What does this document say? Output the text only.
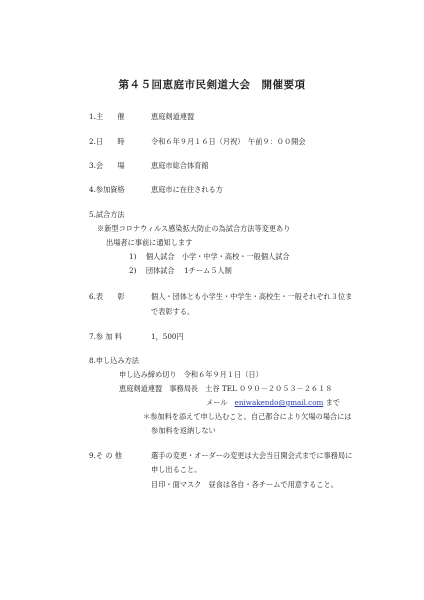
第４５回恵庭市民剣道大会　開催要項
1.主　　催	恵庭剣道連盟
2.日　　時	令和６年９月１６日（月祝）　午前９：００開会
3.会　　場	恵庭市総合体育館
4.参加資格	恵庭市に在住される方
5.試合方法
※新型コロナウィルス感染拡大防止の為試合方法等変更あり
出場者に事前に通知します
1)　 個人試合　小学・中学・高校・一般個人試合
2)　 団体試合　 1チーム５人制
6.表　　彰	個人・団体とも小学生・中学生・高校生・一般それぞれ３位ま
で表彰する。
7.参 加 料	1，500円
8.申し込み方法
申し込み締め切り　令和６年９月１日（日）
恵庭剣道連盟　事務局長　土谷 TEL ０９０－２０５３－２６１８
メール　 eniwakendo@gmail.com まで
＊参加料を添えて申し込むこと。自己都合により欠場の場合には
参加料を返納しない
9.そ の 他	選手の変更・オーダーの変更は大会当日開会式までに事務局に
申し出ること。
目印・面マスク　昼食は各自・各チームで用意すること。
